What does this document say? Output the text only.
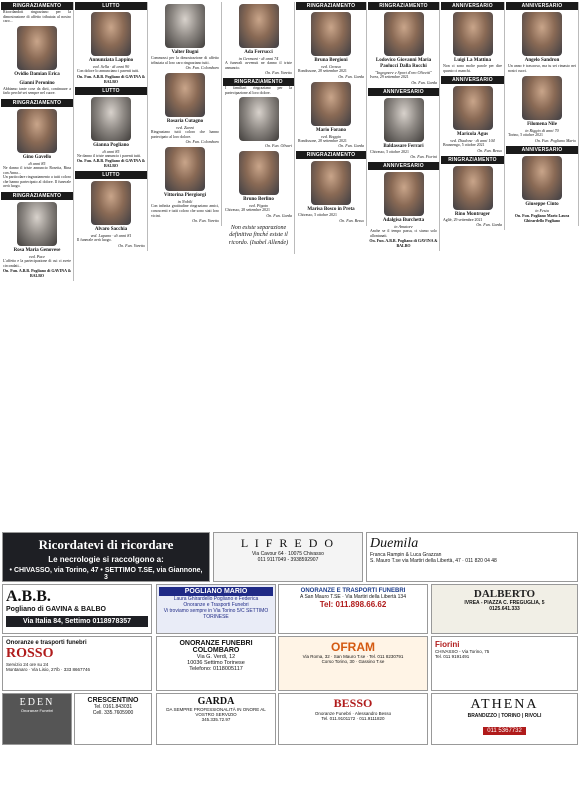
RINGRAZIAMENTO
Ricordandoti ringraziano per la dimostrazione di affetto tributata al nostro caro...
Ovidio Damian Erica
Gianni Peronino
Abbiamo tante cose da dirti, continuare a farlo perché sei sempre nel cuore.
RINGRAZIAMENTO
Gino Gavello
di anni 85
Ne danno il triste annuncio Rosetta, Rina con Anna...
Un particolare ringraziamento a tutti coloro che hanno partecipato al dolore. Il funerale avrà luogo.
RINGRAZIAMENTO
Rosa Maria Genovese
ved. Pace
L'affetto e la partecipazione di cui ci avete circondati...
On. Fun. A.B.B. Pogliano di GAVINA & BALBO
LUTTO
Annunziata Lappino
ved. Sella · di anni 90
Con dolore lo annunciano i parenti tutti.
On. Fun. A.B.B. Pogliano di GAVINA & BALBO
LUTTO
Gianna Pogliano
di anni 85
Ne danno il triste annuncio i parenti tutti.
On. Fun. A.B.B. Pogliano di GAVINA & BALBO
LUTTO
Alvaro Sacchia
ved. Lupano · di anni 81
Il funerale avrà luogo.
On. Fun. Varetto
Valter Bugni
Commossi per la dimostrazione di affetto tributata al loro caro ringraziano tutti.
On. Fun. Colombaro
Rosaria Cutagno
ved. Zanni
Ringraziano tutti coloro che hanno partecipato al loro dolore.
On. Fun. Colombaro
Vittorina Piergiorgi
in Nobili
Con infinita gratitudine ringraziano amici, conoscenti e tutti coloro che sono stati loro vicini.
On. Fun. Varetto
Ada Ferrucci
in Germani - di anni 74
A funerali avvenuti ne danno il triste annuncio.
On. Fun. Varetto
RINGRAZIAMENTO
I familiari ringraziano per la partecipazione al loro dolore.
On. Fun. Olivari
Bruno Berlino
ved. Pigato
Chivasso, 28 settembre 2021
On. Fun. Garda
Non esiste separazione definitiva finché esiste il ricordo. (Isabel Allende)
RINGRAZIAMENTO
Bruna Bergioni
ved. Grosso
Rondissone, 28 settembre 2021
On. Fun. Garda
Mario Forano
ved. Boggio
Rondissone, 28 settembre 2021
On. Fun. Garda
RINGRAZIAMENTO
Marisa Bosco in Preta
Chivasso, 5 ottobre 2021
On. Fun. Besso
RINGRAZIAMENTO
Lodovico Giovanni Maria Paolucci Dalla Rocchi
"Ingegnere e Sport d'oro Olivetti"
Ivrea, 29 settembre 2021
On. Fun. Garda
ANNIVERSARIO
Baldassare Ferrari
Chivasso, 5 ottobre 2021
On. Fun. Fiorini
ANNIVERSARIO
Adalgisa Burchetta
in Amatore
Anche se il tempo passa, ci siamo solo allontanati.
On. Fun. A.B.B. Pogliano di GAVINA & BALBO
ANNIVERSARIO
Luigi La Mattina
Non ci sono molte parole per dire quanto ci manchi.
ANNIVERSARIO
Maricola Agus
ved. Diadone · di anni 104
Brusnengo, 5 ottobre 2021
On. Fun. Besso
RINGRAZIAMENTO
Rino Montruger
Agliè, 29 settembre 2021
On. Fun. Garda
ANNIVERSARIO
Angelo Sandron
Un anno è trascorso, ma tu sei rimasto nei nostri cuori.
Filomena Nile
in Riggio di anni 70
Torino, 5 ottobre 2021
On. Fun. Pogliano Mario
ANNIVERSARIO
Giuseppe Cinto
in Festa
On. Fun. Pogliano Mario Laura Ghirardello Pogliano
Ricordatevi di ricordare
Le necrologie si raccolgono a:
• CHIVASSO, via Torino, 47 • SETTIMO T.SE, via Giannone, 3
L I F R E D O
Via Cavour 64 · 10075 Chivasso
011 9117049 - 3938592907
Duemila
Franca Rampin & Luca Grazzan
S. Mauro T.se via Martiri della Libertà, 47 · 011 820 04 48
A.B.B.
Pogliano di GAVINA & BALBO
Via Italia 84, Settimo 0118978357
POGLIANO MARIO
Laura Ghirardello Pogliano e Federica
Onoranze e Trasporti Funebri
Vi troviamo sempre in Via Torino 5/C SETTIMO TORINESE
ONORANZE E TRASPORTI FUNEBRI
A San Mauro T.SE · Via Martiri della Libertà 134
Tel: 011.898.66.62
DALBERTO
IVREA - PIAZZA C. FREGUGLIA, 5
0125.641.333
Onoranze e trasporti funebri
ROSSO
Servizio 24 ore su 24
Montanaro · Via Lisio, 27/b · 333 8667746
ONORANZE FUNEBRI COLOMBARO
Via G. Verdi, 12
10036 Settimo Torinese
Telefono: 0118005117
OFRAM
Via Roma, 32 · San Mauro T.se · Tel. 011 8230791
Corso Torino, 30 · Gassino T.se
Fiorini
CHIVASSO - Via Torino, 75
Tel. 011 9191491
EDEN
Onoranze Funebri
CRESCENTINO
Tel. 0161.843031
Cell. 335.7605900
GARDA
DA SEMPRE PROFESSIONALITÀ IN ONORE AL VOSTRO SERVIZIO
345.335.72.97
BESSO
Onoranze Funebri · Alessandro Besso
Tel. 011.9101172 · 011.9111820
ATHENA
BRANDIZZO | TORINO | RIVOLI
011 5367732
